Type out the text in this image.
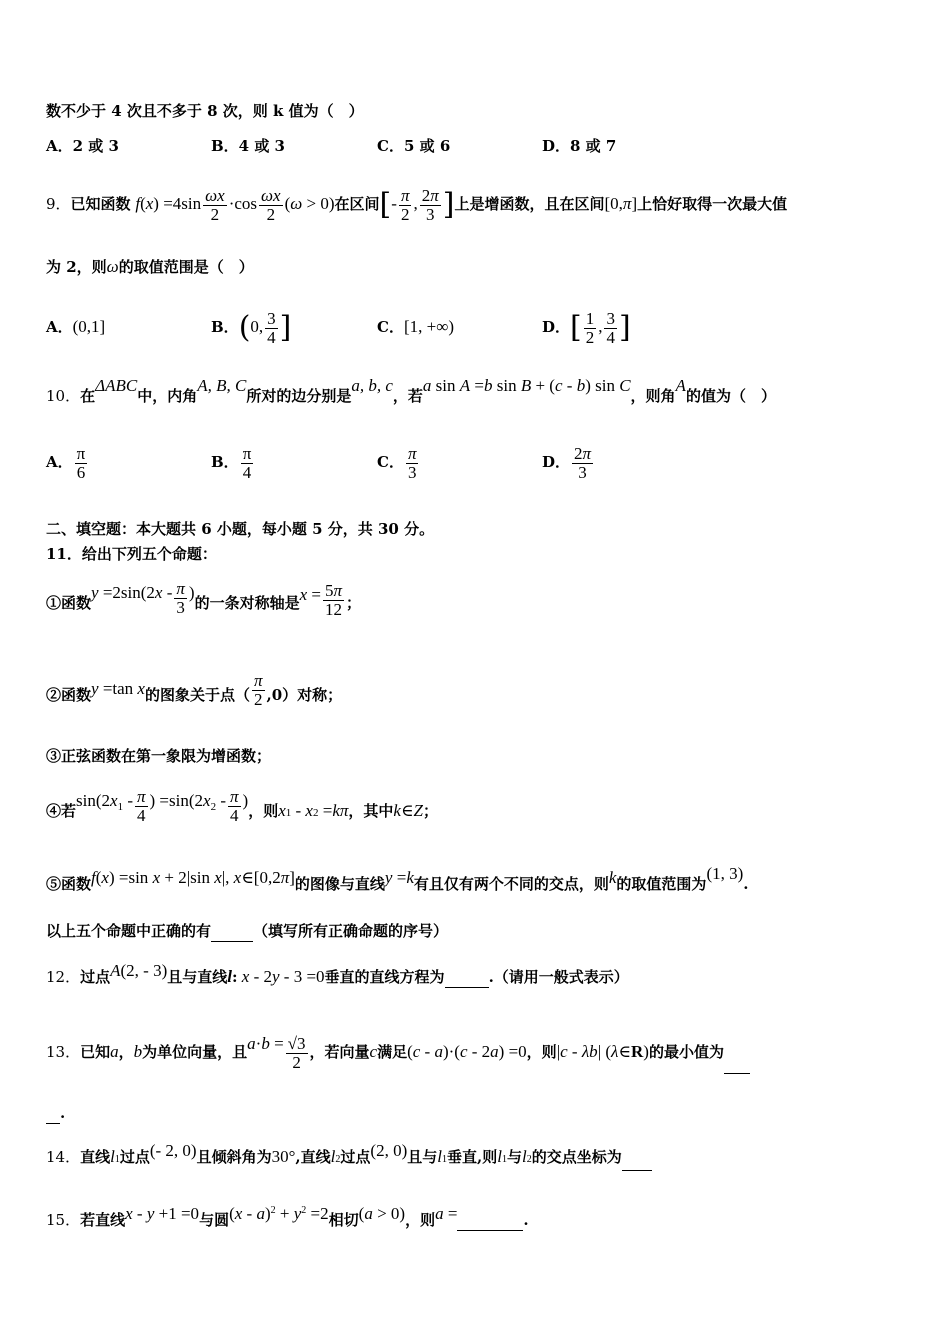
数不少于 4 次且不多于 8 次，则 k 值为（　）
A．2 或 3	B．4 或 3	C．5 或 6	D．8 或 7
9．已知函数 $f(x) =4\sin \frac{\omega x}{2} \cdot\cos \frac{\omega x}{2} (\omega > 0)$在区间[- $\frac{\pi}{2}$ , $\frac{2\pi}{3}$ ]上是增函数，且在区间[0,π]上恰好取得一次最大值
为 2，则ω的取值范围是（　）
A．(0,1]	B．(0, $\frac{3}{4}$ ]	C．[1, +∞)	D．[ $\frac{1}{2}$ , $\frac{3}{4}$ ]
10．在ΔABC中，内角A, B, C所对的边分别是a, b, c，若a sin A =b sin B + (c - b) sin C，则角A的值为（　）
A． $\frac{\pi}{6}$	B． $\frac{\pi}{4}$	C． $\frac{\pi}{3}$	D． $\frac{2\pi}{3}$
二、填空题：本大题共 6 小题，每小题 5 分，共 30 分。
11．给出下列五个命题：
①函数$y =2\sin(2x - \frac{\pi}{3}$ )的一条对称轴是$x = \frac{5\pi}{12}$ ；
②函数y =tan x的图象关于点（ $\frac{\pi}{2} ,0$）对称；
③正弦函数在第一象限为增函数；
④若$\sin(2x^1 - \frac{\pi}{4}$ ) $=\sin(2x^2 - \frac{\pi}{4}$ )，则x1 - x2 =kπ，其中k∈Z；
⑤函数f(x) =sin x + 2|sin x|, x∈[0,2π]的图像与直线y =k有且仅有两个不同的交点，则k的取值范围为(1, 3).
以上五个命题中正确的有	（填写所有正确命题的序号）
12．过点A(2, - 3)且与直线l: x - 2y - 3 =0垂直的直线方程为	.（请用一般式表示）
13．已知a，b为单位向量，且$a\cdot b = \frac{√3}{2}$ ，若向量c满足(c - a)·(c - 2a) =0，则|c - λb| (λ∈R)的最小值为
.
14．直线l1过点(- 2, 0)且倾斜角为30°,直线l2过点(2, 0)且与l1垂直,则l1与l2的交点坐标为
15．若直线x - y +1 =0与圆$(x - a)^2 + y^2 =2$相切(a > 0)，则a =	.
